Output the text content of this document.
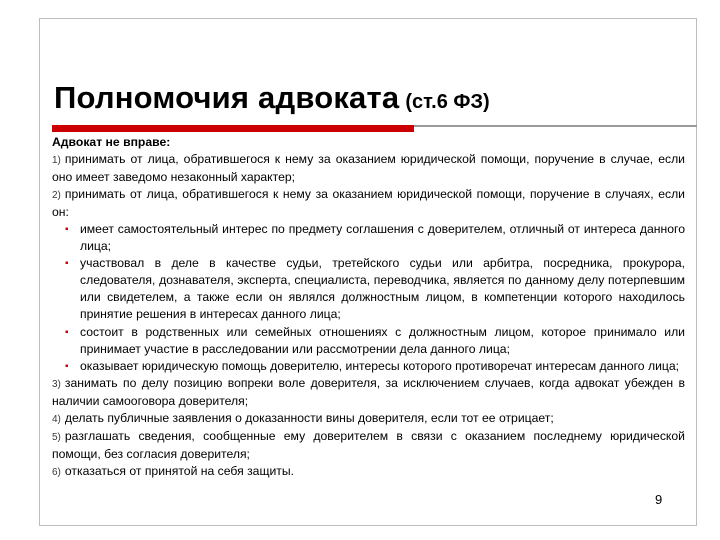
Полномочия адвоката (ст.6 ФЗ)

Адвокат не вправе:

1) принимать от лица, обратившегося к нему за оказанием юридической помощи, поручение в случае, если оно имеет заведомо незаконный характер;

2) принимать от лица, обратившегося к нему за оказанием юридической помощи, поручение в случаях, если он:

▪ имеет самостоятельный интерес по предмету соглашения с доверителем, отличный от интереса данного лица;

▪ участвовал в деле в качестве судьи, третейского судьи или арбитра, посредника, прокурора, следователя, дознавателя, эксперта, специалиста, переводчика, является по данному делу потерпевшим или свидетелем, а также если он являлся должностным лицом, в компетенции которого находилось принятие решения в интересах данного лица;

▪ состоит в родственных или семейных отношениях с должностным лицом, которое принимало или принимает участие в расследовании или рассмотрении дела данного лица;

▪ оказывает юридическую помощь доверителю, интересы которого противоречат интересам данного лица;

3) занимать по делу позицию вопреки воле доверителя, за исключением случаев, когда адвокат убежден в наличии самооговора доверителя;

4) делать публичные заявления о доказанности вины доверителя, если тот ее отрицает;

5) разглашать сведения, сообщенные ему доверителем в связи с оказанием последнему юридической помощи, без согласия доверителя;

6) отказаться от принятой на себя защиты.

9
